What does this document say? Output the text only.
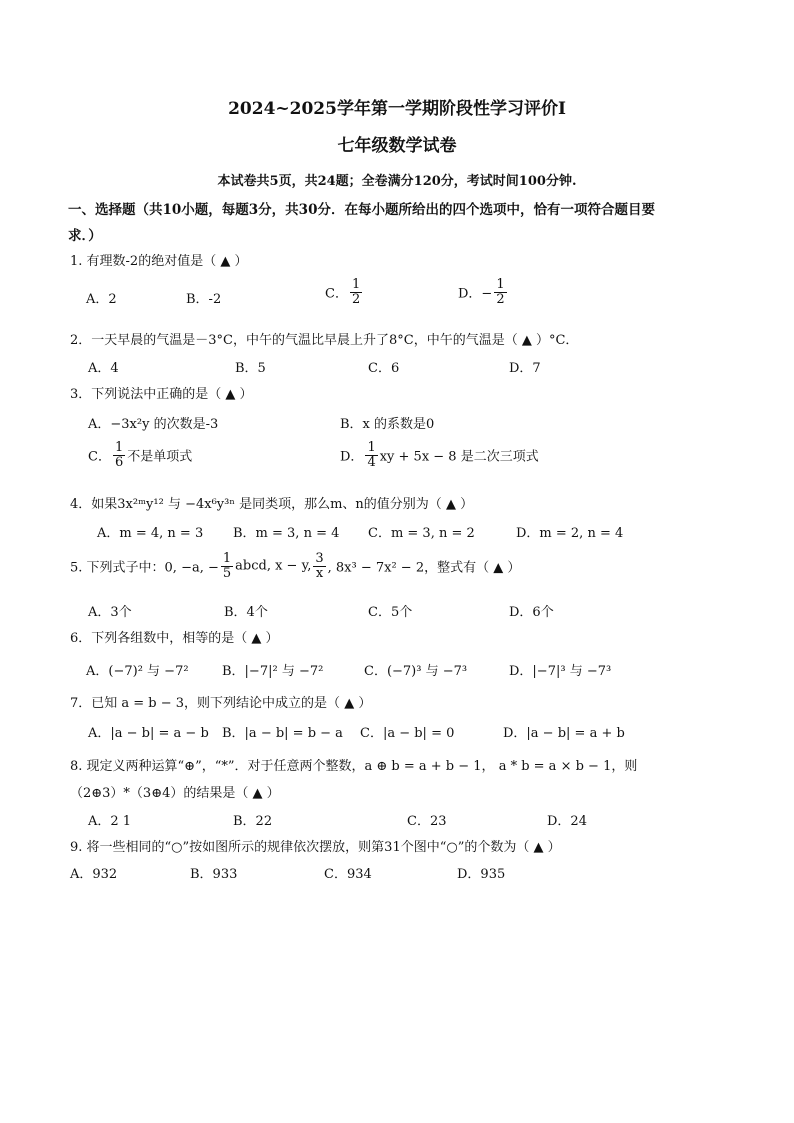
2024~2025学年第一学期阶段性学习评价Ⅰ
七年级数学试卷
本试卷共5页，共24题；全卷满分120分，考试时间100分钟.
一、选择题（共10小题，每题3分，共30分．在每小题所给出的四个选项中，恰有一项符合题目要求．）
1. 有理数-2的绝对值是（ ▲ ）
A．2	B．-2	C． $\frac{1}{2}$	D．− $\frac{1}{2}$
2．一天早晨的气温是－3°C，中午的气温比早晨上升了8°C，中午的气温是（ ▲ ）°C．
A．4	B．5	C．6	D．7
3．下列说法中正确的是（ ▲ ）
A．−3x²y 的次数是-3	B．x 的系数是0
C． $\frac{1}{6}$ 不是单项式	D． $\frac{1}{4}$ xy + 5x − 8 是二次三项式
4．如果3x²ᵐy¹² 与 −4x⁶y³ⁿ 是同类项，那么m、n的值分别为（ ▲ ）
A．m = 4, n = 3 B．m = 3, n = 4 C．m = 3, n = 2	D．m = 2, n = 4
5. 下列式子中：0, −a, − $\frac{1}{5}$ abcd, x − y, $\frac{3}{x}$ , 8x³ − 7x² − 2，整式有（ ▲ ）
A．3个	B．4个	C．5个	D．6个
6．下列各组数中，相等的是（ ▲ ）
A．(−7)² 与 −7²	B．|−7|² 与 −7²	C．(−7)³ 与 −7³	D．|−7|³ 与 −7³
7．已知 a = b − 3，则下列结论中成立的是（ ▲ ）
A．|a − b| = a − b B．|a − b| = b − a C．|a − b| = 0	D．|a − b| = a + b
8. 现定义两种运算“⊕”，“*”．对于任意两个整数，a ⊕ b = a + b − 1， a * b = a × b − 1，则
（2⊕3）*（3⊕4）的结果是（ ▲ ）
A．2 1	B．22	C．23	D．24
9. 将一些相同的“○”按如图所示的规律依次摆放，则第31个图中“○”的个数为（ ▲ ）
A．932	B．933	C．934	D．935
